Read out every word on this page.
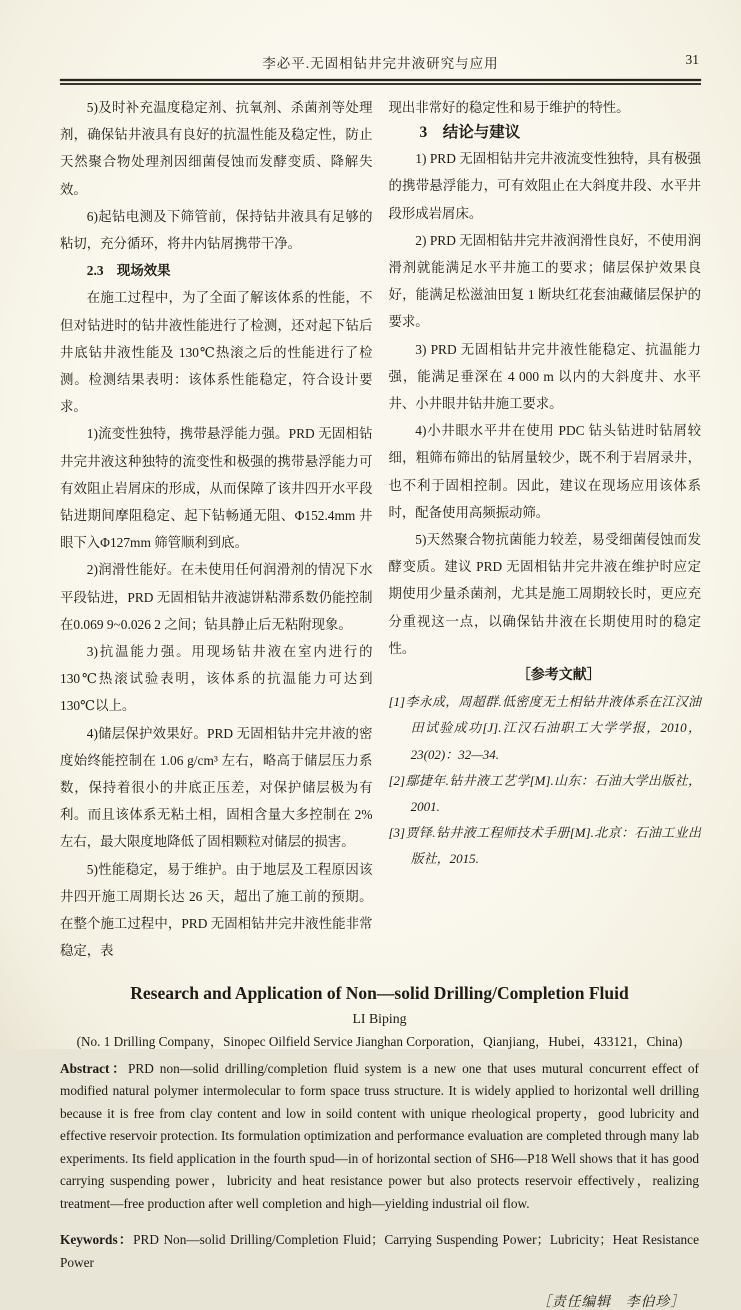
李必平.无固相钻井完井液研究与应用	31

5)及时补充温度稳定剂、抗氧剂、杀菌剂等处理剂，确保钻井液具有良好的抗温性能及稳定性，防止天然聚合物处理剂因细菌侵蚀而发酵变质、降解失效。

6)起钻电测及下筛管前，保持钻井液具有足够的粘切，充分循环，将井内钻屑携带干净。

2.3　现场效果

在施工过程中，为了全面了解该体系的性能，不但对钻进时的钻井液性能进行了检测，还对起下钻后井底钻井液性能及 130℃热滚之后的性能进行了检测。检测结果表明：该体系性能稳定，符合设计要求。

1)流变性独特，携带悬浮能力强。PRD 无固相钻井完井液这种独特的流变性和极强的携带悬浮能力可有效阻止岩屑床的形成，从而保障了该井四开水平段钻进期间摩阻稳定、起下钻畅通无阻、Φ152.4mm 井眼下入Φ127mm 筛管顺利到底。

2)润滑性能好。在未使用任何润滑剂的情况下水平段钻进，PRD 无固相钻井液滤饼粘滞系数仍能控制在0.069 9~0.026 2 之间；钻具静止后无粘附现象。

3)抗温能力强。用现场钻井液在室内进行的 130℃热滚试验表明，该体系的抗温能力可达到 130℃以上。

4)储层保护效果好。PRD 无固相钻井完井液的密度始终能控制在 1.06 g/cm³ 左右，略高于储层压力系数，保持着很小的井底正压差，对保护储层极为有利。而且该体系无粘土相，固相含量大多控制在 2% 左右，最大限度地降低了固相颗粒对储层的损害。

5)性能稳定，易于维护。由于地层及工程原因该井四开施工周期长达 26 天，超出了施工前的预期。在整个施工过程中，PRD 无固相钻井完井液性能非常稳定，表

现出非常好的稳定性和易于维护的特性。

3　结论与建议

1) PRD 无固相钻井完井液流变性独特，具有极强的携带悬浮能力，可有效阻止在大斜度井段、水平井段形成岩屑床。

2) PRD 无固相钻井完井液润滑性良好，不使用润滑剂就能满足水平井施工的要求；储层保护效果良好，能满足松滋油田复 1 断块红花套油藏储层保护的要求。

3) PRD 无固相钻井完井液性能稳定、抗温能力强，能满足垂深在 4 000 m 以内的大斜度井、水平井、小井眼井钻井施工要求。

4)小井眼水平井在使用 PDC 钻头钻进时钻屑较细，粗筛布筛出的钻屑量较少，既不利于岩屑录井，也不利于固相控制。因此，建议在现场应用该体系时，配备使用高频振动筛。

5)天然聚合物抗菌能力较差，易受细菌侵蚀而发酵变质。建议 PRD 无固相钻井完井液在维护时应定期使用少量杀菌剂，尤其是施工周期较长时，更应充分重视这一点，以确保钻井液在长期使用时的稳定性。

［参考文献］

[1]李永成，周超群.低密度无土相钻井液体系在江汉油田试验成功[J].江汉石油职工大学学报，2010，23(02)：32—34.

[2]鄢捷年.钻井液工艺学[M].山东：石油大学出版社，2001.

[3]贾铎.钻井液工程师技术手册[M].北京：石油工业出版社，2015.

Research and Application of Non—solid Drilling/Completion Fluid
LI Biping
(No. 1 Drilling Company，Sinopec Oilfield Service Jianghan Corporation，Qianjiang，Hubei，433121，China)

Abstract：PRD non—solid drilling/completion fluid system is a new one that uses mutural concurrent effect of modified natural polymer intermolecular to form space truss structure. It is widely applied to horizontal well drilling because it is free from clay content and low in soild content with unique rheological property，good lubricity and effective reservoir protection. Its formulation optimization and performance evaluation are completed through many lab experiments. Its field application in the fourth spud—in of horizontal section of SH6—P18 Well shows that it has good carrying suspending power，lubricity and heat resistance power but also protects reservoir effectively，realizing treatment—free production after well completion and high—yielding industrial oil flow.

Keywords：PRD Non—solid Drilling/Completion Fluid；Carrying Suspending Power；Lubricity；Heat Resistance Power

［责任编辑　李伯珍］
